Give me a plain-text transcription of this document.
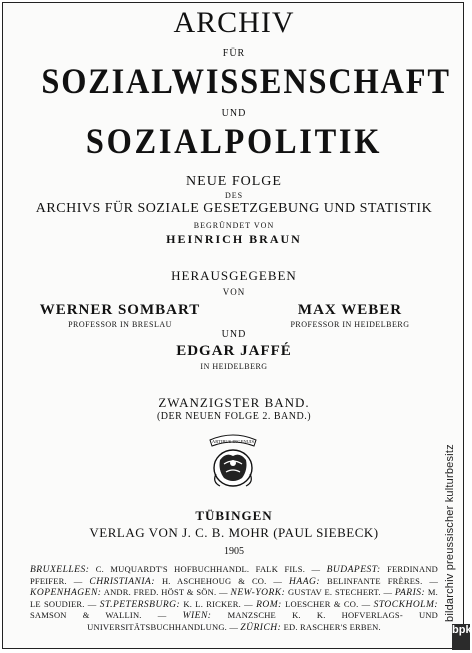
ARCHIV
FÜR
SOZIALWISSENSCHAFT
UND
SOZIALPOLITIK
NEUE FOLGE
DES
ARCHIVS FÜR SOZIALE GESETZGEBUNG UND STATISTIK
BEGRÜNDET VON
HEINRICH BRAUN
HERAUSGEGEBEN
VON
WERNER SOMBART
PROFESSOR IN BRESLAU
MAX WEBER
PROFESSOR IN HEIDELBERG
UND
EDGAR JAFFÉ
IN HEIDELBERG
ZWANZIGSTER BAND.
(DER NEUEN FOLGE 2. BAND.)
ARTIBUS INGENUIS
TÜBINGEN
VERLAG VON J. C. B. MOHR (PAUL SIEBECK)
1905
BRUXELLES: C. MUQUARDT'S HOFBUCHHANDL. FALK FILS. — BUDAPEST: FERDINAND PFEIFER. — CHRISTIANIA: H. ASCHEHOUG & CO. — HAAG: BELINFANTE FRÈRES. — KOPENHAGEN: ANDR. FRED. HÖST & SÖN. — NEW-YORK: GUSTAV E. STECHERT. — PARIS: M. LE SOUDIER. — ST.PETERSBURG: K. L. RICKER. — ROM: LOESCHER & CO. — STOCKHOLM: SAMSON & WALLIN. — WIEN: MANZSCHE K. K. HOFVERLAGS- UND UNIVERSITÄTSBUCHHANDLUNG. — ZÜRICH: ED. RASCHER'S ERBEN.
bildarchiv preussischer kulturbesitz
bpk
